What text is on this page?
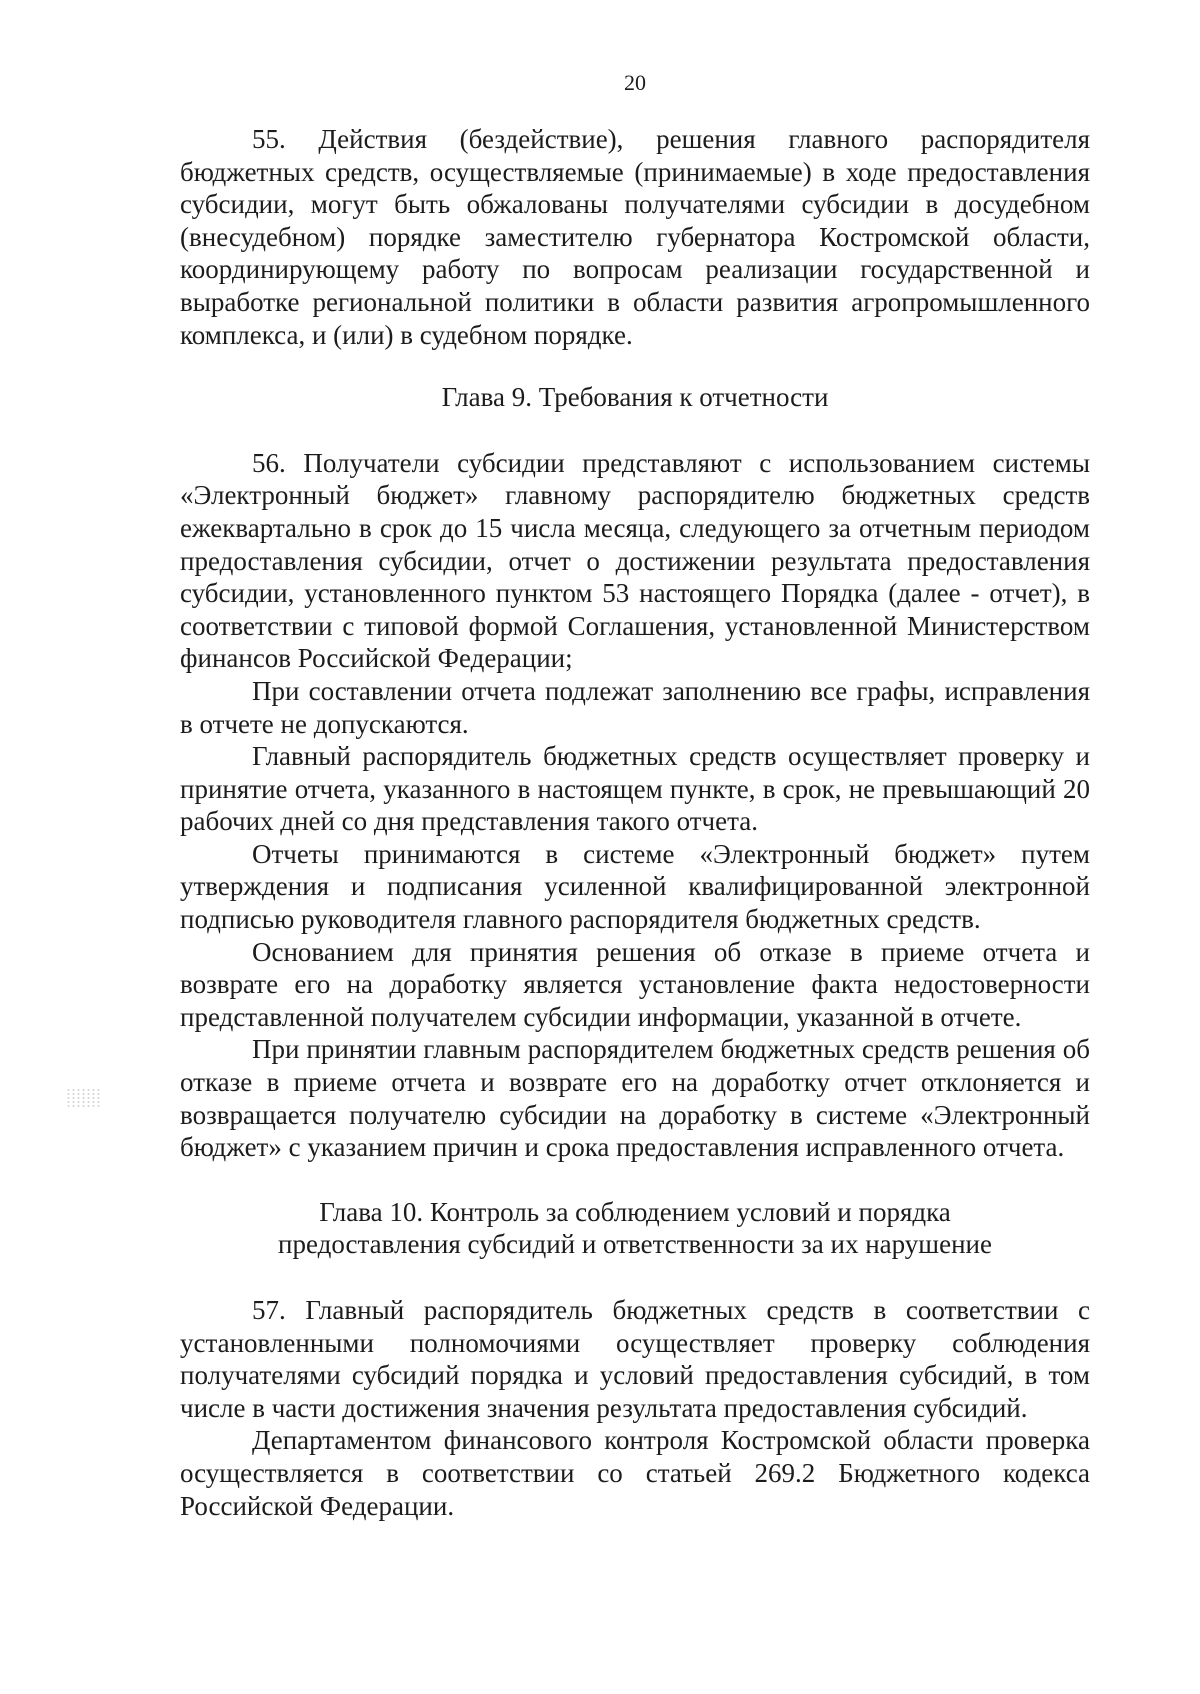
20

55. Действия (бездействие), решения главного распорядителя бюджетных средств, осуществляемые (принимаемые) в ходе предоставления субсидии, могут быть обжалованы получателями субсидии в досудебном (внесудебном) порядке заместителю губернатора Костромской области, координирующему работу по вопросам реализации государственной и выработке региональной политики в области развития агропромышленного комплекса, и (или) в судебном порядке.

Глава 9. Требования к отчетности

56. Получатели субсидии представляют с использованием системы «Электронный бюджет» главному распорядителю бюджетных средств ежеквартально в срок до 15 числа месяца, следующего за отчетным периодом предоставления субсидии, отчет о достижении результата предоставления субсидии, установленного пунктом 53 настоящего Порядка (далее - отчет), в соответствии с типовой формой Соглашения, установленной Министерством финансов Российской Федерации;

При составлении отчета подлежат заполнению все графы, исправления в отчете не допускаются.

Главный распорядитель бюджетных средств осуществляет проверку и принятие отчета, указанного в настоящем пункте, в срок, не превышающий 20 рабочих дней со дня представления такого отчета.

Отчеты принимаются в системе «Электронный бюджет» путем утверждения и подписания усиленной квалифицированной электронной подписью руководителя главного распорядителя бюджетных средств.

Основанием для принятия решения об отказе в приеме отчета и возврате его на доработку является установление факта недостоверности представленной получателем субсидии информации, указанной в отчете.

При принятии главным распорядителем бюджетных средств решения об отказе в приеме отчета и возврате его на доработку отчет отклоняется и возвращается получателю субсидии на доработку в системе «Электронный бюджет» с указанием причин и срока предоставления исправленного отчета.

Глава 10. Контроль за соблюдением условий и порядка
предоставления субсидий и ответственности за их нарушение

57. Главный распорядитель бюджетных средств в соответствии с установленными полномочиями осуществляет проверку соблюдения получателями субсидий порядка и условий предоставления субсидий, в том числе в части достижения значения результата предоставления субсидий.

Департаментом финансового контроля Костромской области проверка осуществляется в соответствии со статьей 269.2 Бюджетного кодекса Российской Федерации.
